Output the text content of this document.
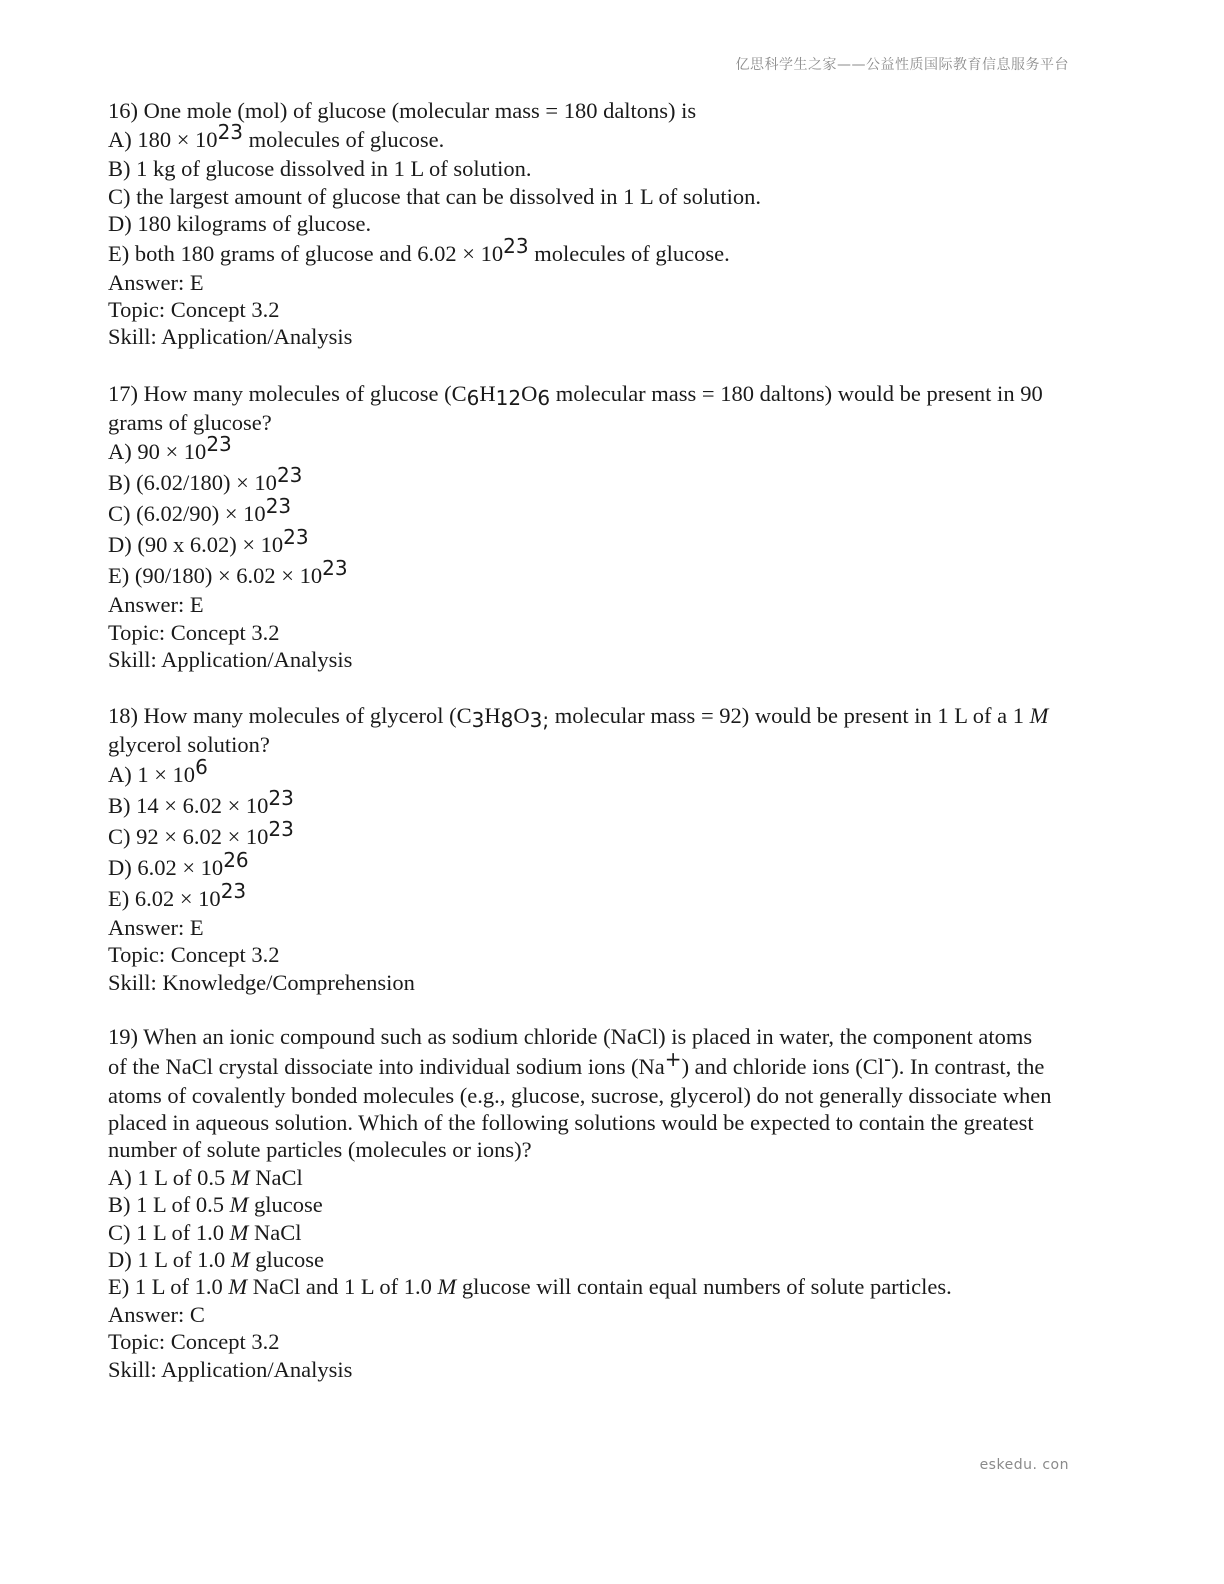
亿思科学生之家——公益性质国际教育信息服务平台
16) One mole (mol) of glucose (molecular mass = 180 daltons) is
A) 180 × 1023 molecules of glucose.
B) 1 kg of glucose dissolved in 1 L of solution.
C) the largest amount of glucose that can be dissolved in 1 L of solution.
D) 180 kilograms of glucose.
E) both 180 grams of glucose and 6.02 × 1023 molecules of glucose.
Answer: E
Topic: Concept 3.2
Skill: Application/Analysis
17) How many molecules of glucose (C6H12O6 molecular mass = 180 daltons) would be present in 90
grams of glucose?
A) 90 × 1023
B) (6.02/180) × 1023
C) (6.02/90) × 1023
D) (90 x 6.02) × 1023
E) (90/180) × 6.02 × 1023
Answer: E
Topic: Concept 3.2
Skill: Application/Analysis
18) How many molecules of glycerol (C3H8O3; molecular mass = 92) would be present in 1 L of a 1 M
glycerol solution?
A) 1 × 106
B) 14 × 6.02 × 1023
C) 92 × 6.02 × 1023
D) 6.02 × 1026
E) 6.02 × 1023
Answer: E
Topic: Concept 3.2
Skill: Knowledge/Comprehension
19) When an ionic compound such as sodium chloride (NaCl) is placed in water, the component atoms
of the NaCl crystal dissociate into individual sodium ions (Na+) and chloride ions (Cl-). In contrast, the
atoms of covalently bonded molecules (e.g., glucose, sucrose, glycerol) do not generally dissociate when
placed in aqueous solution. Which of the following solutions would be expected to contain the greatest
number of solute particles (molecules or ions)?
A) 1 L of 0.5 M NaCl
B) 1 L of 0.5 M glucose
C) 1 L of 1.0 M NaCl
D) 1 L of 1.0 M glucose
E) 1 L of 1.0 M NaCl and 1 L of 1.0 M glucose will contain equal numbers of solute particles.
Answer: C
Topic: Concept 3.2
Skill: Application/Analysis
eskedu. con
